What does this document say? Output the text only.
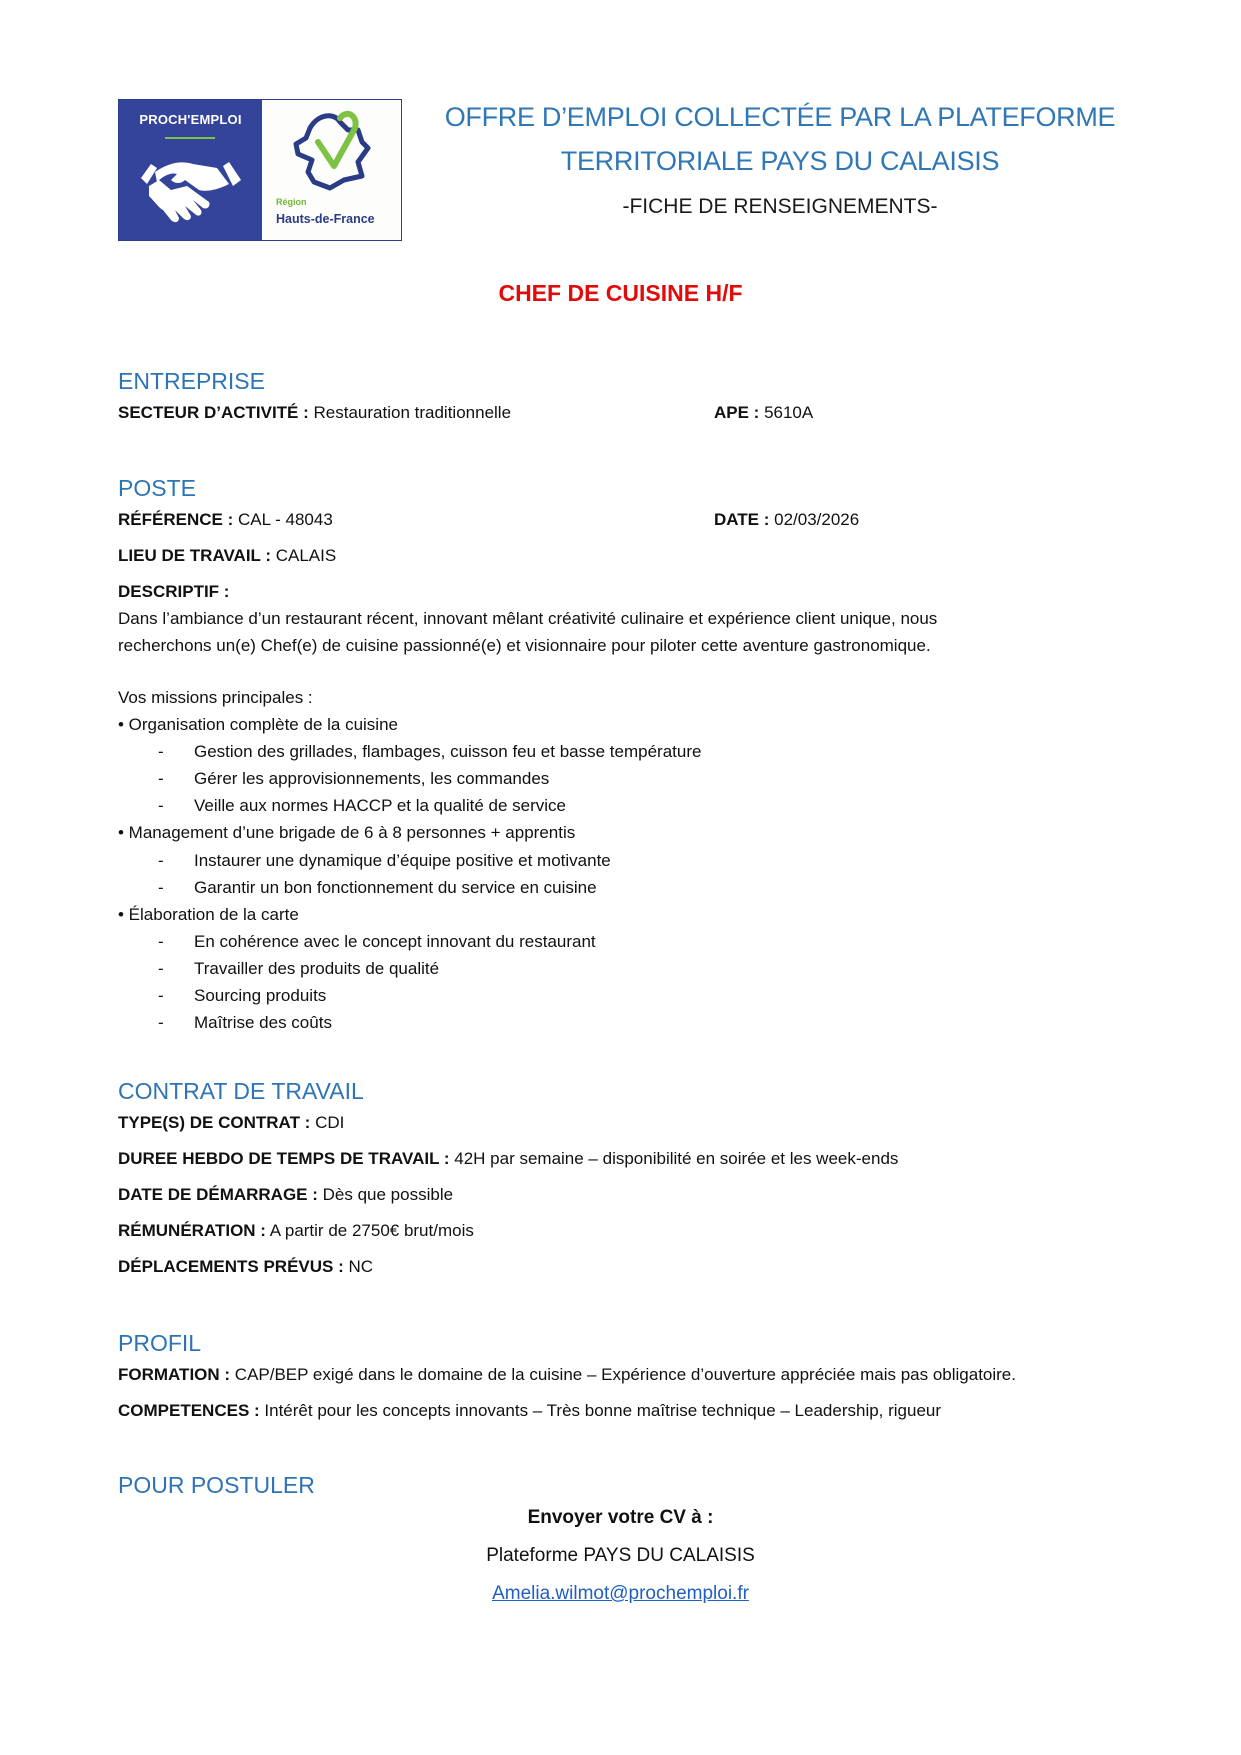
PROCH'EMPLOI
Région
Hauts-de-France
OFFRE D’EMPLOI COLLECTÉE PAR LA PLATEFORME
TERRITORIALE PAYS DU CALAISIS
-FICHE DE RENSEIGNEMENTS-
CHEF DE CUISINE H/F
ENTREPRISE
SECTEUR D’ACTIVITÉ : Restauration traditionnelle	APE : 5610A
POSTE
RÉFÉRENCE : CAL - 48043	DATE : 02/03/2026
LIEU DE TRAVAIL : CALAIS
DESCRIPTIF :
Dans l’ambiance d’un restaurant récent, innovant mêlant créativité culinaire et expérience client unique, nous
recherchons un(e) Chef(e) de cuisine passionné(e) et visionnaire pour piloter cette aventure gastronomique.
Vos missions principales :
• Organisation complète de la cuisine
- Gestion des grillades, flambages, cuisson feu et basse température
- Gérer les approvisionnements, les commandes
- Veille aux normes HACCP et la qualité de service
• Management d’une brigade de 6 à 8 personnes + apprentis
- Instaurer une dynamique d’équipe positive et motivante
- Garantir un bon fonctionnement du service en cuisine
• Élaboration de la carte
- En cohérence avec le concept innovant du restaurant
- Travailler des produits de qualité
- Sourcing produits
- Maîtrise des coûts
CONTRAT DE TRAVAIL
TYPE(S) DE CONTRAT : CDI
DUREE HEBDO DE TEMPS DE TRAVAIL : 42H par semaine – disponibilité en soirée et les week-ends
DATE DE DÉMARRAGE : Dès que possible
RÉMUNÉRATION : A partir de 2750€ brut/mois
DÉPLACEMENTS PRÉVUS : NC
PROFIL
FORMATION : CAP/BEP exigé dans le domaine de la cuisine – Expérience d’ouverture appréciée mais pas obligatoire.
COMPETENCES : Intérêt pour les concepts innovants – Très bonne maîtrise technique – Leadership, rigueur
POUR POSTULER
Envoyer votre CV à :
Plateforme PAYS DU CALAISIS
Amelia.wilmot@prochemploi.fr
